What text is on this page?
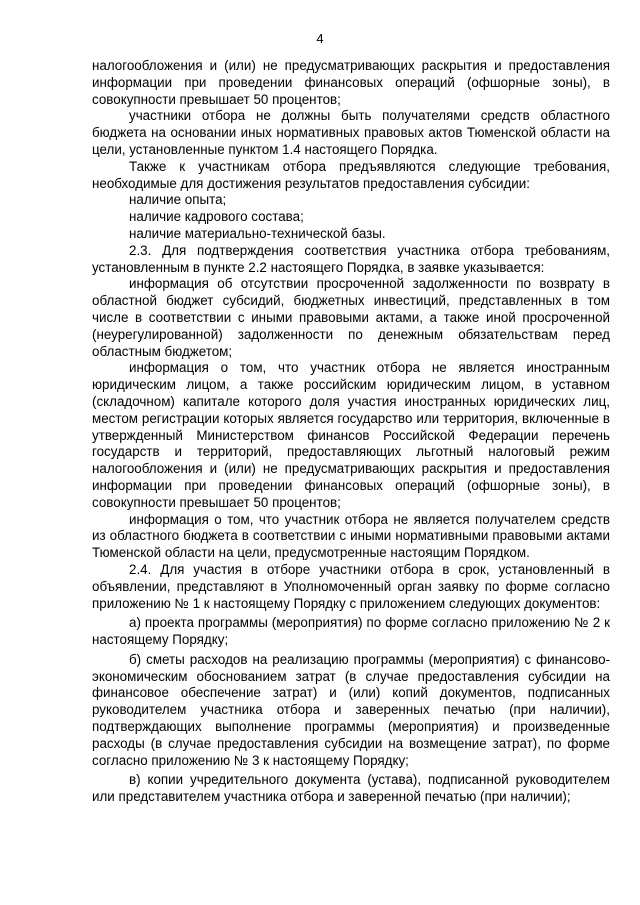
4

налогообложения и (или) не предусматривающих раскрытия и предоставления информации при проведении финансовых операций (офшорные зоны), в совокупности превышает 50 процентов;

участники отбора не должны быть получателями средств областного бюджета на основании иных нормативных правовых актов Тюменской области на цели, установленные пунктом 1.4 настоящего Порядка.

Также к участникам отбора предъявляются следующие требования, необходимые для достижения результатов предоставления субсидии:

наличие опыта;

наличие кадрового состава;

наличие материально-технической базы.

2.3. Для подтверждения соответствия участника отбора требованиям, установленным в пункте 2.2 настоящего Порядка, в заявке указывается:

информация об отсутствии просроченной задолженности по возврату в областной бюджет субсидий, бюджетных инвестиций, представленных в том числе в соответствии с иными правовыми актами, а также иной просроченной (неурегулированной) задолженности по денежным обязательствам перед областным бюджетом;

информация о том, что участник отбора не является иностранным юридическим лицом, а также российским юридическим лицом, в уставном (складочном) капитале которого доля участия иностранных юридических лиц, местом регистрации которых является государство или территория, включенные в утвержденный Министерством финансов Российской Федерации перечень государств и территорий, предоставляющих льготный налоговый режим налогообложения и (или) не предусматривающих раскрытия и предоставления информации при проведении финансовых операций (офшорные зоны), в совокупности превышает 50 процентов;

информация о том, что участник отбора не является получателем средств из областного бюджета в соответствии с иными нормативными правовыми актами Тюменской области на цели, предусмотренные настоящим Порядком.

2.4. Для участия в отборе участники отбора в срок, установленный в объявлении, представляют в Уполномоченный орган заявку по форме согласно приложению № 1 к настоящему Порядку с приложением следующих документов:

а) проекта программы (мероприятия) по форме согласно приложению № 2 к настоящему Порядку;

б) сметы расходов на реализацию программы (мероприятия) с финансово-экономическим обоснованием затрат (в случае предоставления субсидии на финансовое обеспечение затрат) и (или) копий документов, подписанных руководителем участника отбора и заверенных печатью (при наличии), подтверждающих выполнение программы (мероприятия) и произведенные расходы (в случае предоставления субсидии на возмещение затрат), по форме согласно приложению № 3 к настоящему Порядку;

в) копии учредительного документа (устава), подписанной руководителем или представителем участника отбора и заверенной печатью (при наличии);
